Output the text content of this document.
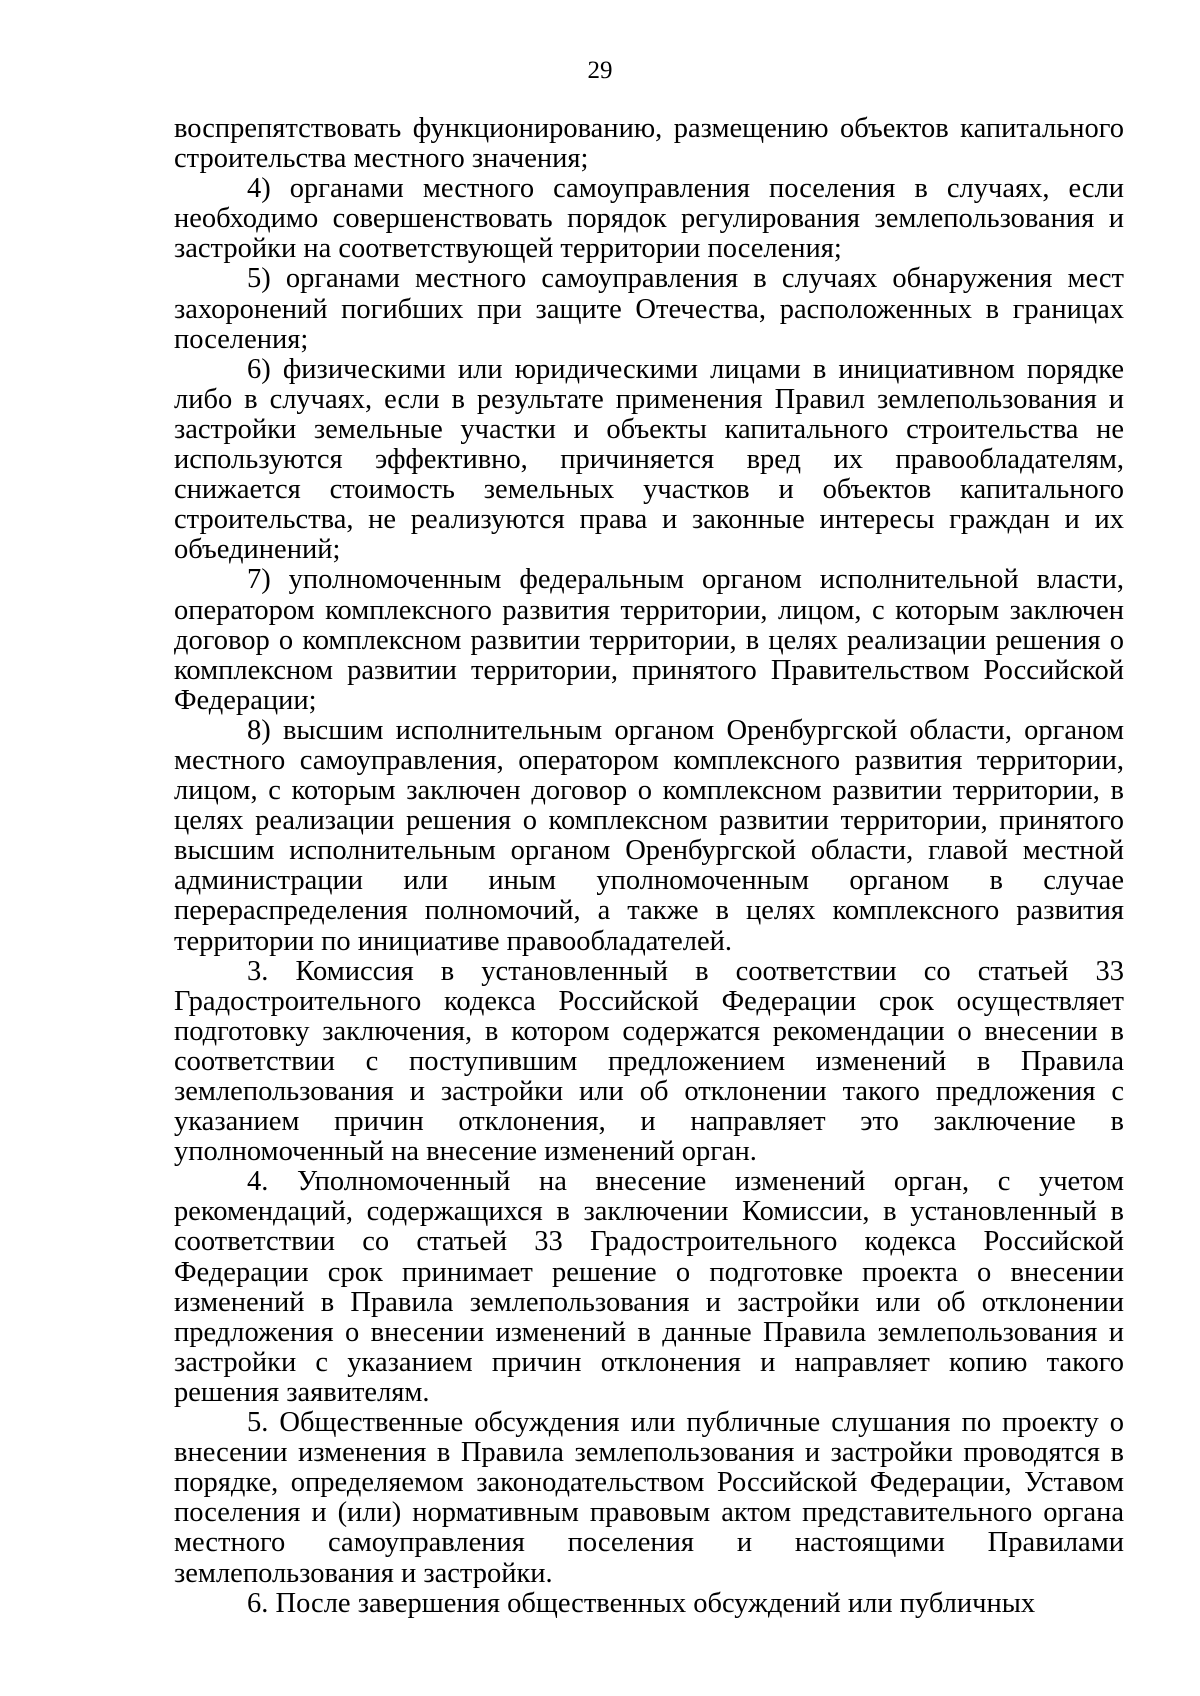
29

воспрепятствовать функционированию, размещению объектов капитального строительства местного значения;

4) органами местного самоуправления поселения в случаях, если необходимо совершенствовать порядок регулирования землепользования и застройки на соответствующей территории поселения;

5) органами местного самоуправления в случаях обнаружения мест захоронений погибших при защите Отечества, расположенных в границах поселения;

6) физическими или юридическими лицами в инициативном порядке либо в случаях, если в результате применения Правил землепользования и застройки земельные участки и объекты капитального строительства не используются эффективно, причиняется вред их правообладателям, снижается стоимость земельных участков и объектов капитального строительства, не реализуются права и законные интересы граждан и их объединений;

7) уполномоченным федеральным органом исполнительной власти, оператором комплексного развития территории, лицом, с которым заключен договор о комплексном развитии территории, в целях реализации решения о комплексном развитии территории, принятого Правительством Российской Федерации;

8) высшим исполнительным органом Оренбургской области, органом местного самоуправления, оператором комплексного развития территории, лицом, с которым заключен договор о комплексном развитии территории, в целях реализации решения о комплексном развитии территории, принятого высшим исполнительным органом Оренбургской области, главой местной администрации или иным уполномоченным органом в случае перераспределения полномочий, а также в целях комплексного развития территории по инициативе правообладателей.

3. Комиссия в установленный в соответствии со статьей 33 Градостроительного кодекса Российской Федерации срок осуществляет подготовку заключения, в котором содержатся рекомендации о внесении в соответствии с поступившим предложением изменений в Правила землепользования и застройки или об отклонении такого предложения с указанием причин отклонения, и направляет это заключение в уполномоченный на внесение изменений орган.

4. Уполномоченный на внесение изменений орган, с учетом рекомендаций, содержащихся в заключении Комиссии, в установленный в соответствии со статьей 33 Градостроительного кодекса Российской Федерации срок принимает решение о подготовке проекта о внесении изменений в Правила землепользования и застройки или об отклонении предложения о внесении изменений в данные Правила землепользования и застройки с указанием причин отклонения и направляет копию такого решения заявителям.

5. Общественные обсуждения или публичные слушания по проекту о внесении изменения в Правила землепользования и застройки проводятся в порядке, определяемом законодательством Российской Федерации, Уставом поселения и (или) нормативным правовым актом представительного органа местного самоуправления поселения и настоящими Правилами землепользования и застройки.

6. После завершения общественных обсуждений или публичных
